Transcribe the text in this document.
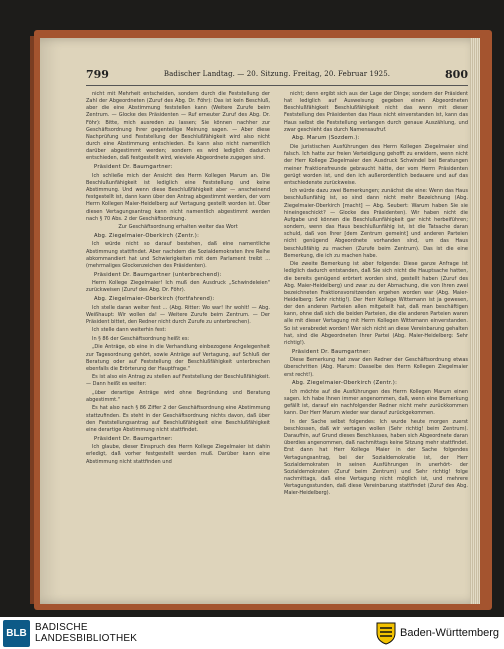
799	Badischer Landtag. — 20. Sitzung. Freitag, 20. Februar 1925.	800

nicht mit Mehrheit entscheiden, sondern durch die Feststellung der Zahl der Abgeordneten (Zuruf des Abg. Dr. Föhr): Das ist kein Beschluß, aber die eine Abstimmung feststellen kann (Weitere Zurufe beim Zentrum. — Glocke des Präsidenten — Ruf erneuter Zuruf des Abg. Dr. Föhr): Bitte, mich ausreden zu lassen; Sie können nachher zur Geschäftsordnung Ihrer gegenteilige Meinung sagen. — Aber diese Nachprüfung und Feststellung der Beschlußfähigkeit wird also nicht durch eine Abstimmung entschieden. Es kann also nicht namentlich darüber abgestimmt werden; sondern es wird lediglich dadurch entschieden, daß festgestellt wird, wieviele Abgeordnete zugegen sind.

Präsident Dr. Baumgartner:

Ich schließe mich der Ansicht des Herrn Kollegen Marum an. Die Beschlußunfähigkeit ist lediglich eine Feststellung und keine Abstimmung. Und wenn diese Beschlußfähigkeit aber — anscheinend festgestellt ist, dann kann über den Antrag abgestimmt werden, der vom Herrn Kollegen Maier-Heidelberg auf Vertagung gestellt worden ist. Über diesen Vertagungsantrag kann nicht namentlich abgestimmt werden nach § 70 Abs. 2 der Geschäftsordnung.

Zur Geschäftsordnung erhalten weiter das Wort

Abg. Ziegelmaier-Oberkirch (Zentr.):

Ich würde nicht so darauf bestehen, daß eine namentliche Abstimmung stattfindet. Aber nachdem die Sozialdemokraten ihre Reihe abkommandiert hat und Schwierigkeiten mit dem Parlament treibt ... (mehrmaliges Glockenzeichen des Präsidenten).

Präsident Dr. Baumgartner (unterbrechend):

Herrn Kollege Ziegelmaier! Ich muß den Ausdruck „Schwindeleien" zurückweisen (Zuruf des Abg. Dr. Föhr).

Abg. Ziegelmaier-Oberkirch (fortfahrend):

Ich stelle daran weiter fest ... (Abg. Ritter: Wo war! Ihr wohlt! — Abg. Weißhaupt: Wir wollen da! — Weitere Zurufe beim Zentrum. — Der Präsident bittet, den Redner nicht durch Zurufe zu unterbrechen).

Ich stelle dann weiterhin fest:

In § 86 der Geschäftsordnung heißt es:

„Die Anträge, ob eine in die Verhandlung einbezogene Angelegenheit zur Tagesordnung gehört, sowie Anträge auf Vertagung, auf Schluß der Beratung oder auf Feststellung der Beschlußfähigkeit unterbrechen ebenfalls die Erörterung der Hauptfrage."

Es ist also ein Antrag zu stellen auf Feststellung der Beschlußfähigkeit. — Dann heißt es weiter:

„über derartige Anträge wird ohne Begründung und Beratung abgestimmt."

Es hat also nach § 86 Ziffer 2 der Geschäftsordnung eine Abstimmung stattzufinden. Es steht in der Geschäftsordnung nichts davon, daß über den Feststellungsantrag auf Beschlußfähigkeit eine Beschlußfähigkeit eine derartige Abstimmung nicht stattfindet.

Präsident Dr. Baumgartner:

Ich glaube, dieser Einspruch des Herrn Kollege Ziegelmaier ist dahin erledigt, daß vorher festgestellt werden muß. Darüber kann eine Abstimmung nicht stattfinden und

nicht; denn ergibt sich aus der Lage der Dinge; sondern der Präsident hat lediglich auf Ausweisung gegeben einen Abgeordneten Beschlußfähigkeit Beschlußfähigkeit nicht das wenn mit dieser Feststellung des Präsidenten das Haus nicht einverstanden ist, kann das Haus selbst die Feststellung verlangen durch genaue Auszählung, und zwar geschieht das durch Namensaufruf.

Abg. Marum (Sozdem.):

Die juristischen Ausführungen des Herrn Kollegen Ziegelmaier sind falsch. Ich hatte zur freien Verteidigung gehofft zu erwidern, wenn nicht der Herr Kollege Ziegelmaier den Ausdruck Schwindel bei Beratungen meiner Fraktionsfreunde gebraucht hätte, der vom Herrn Präsidenten gerügt worden ist, und den ich außerordentlich bedauere und auf das entschiedenste zurückweise.

Ich würde dazu zwei Bemerkungen; zunächst die eine: Wenn das Haus beschlußunfähig ist, so sind dann nicht mehr Bezeichnung (Abg. Ziegelmaier-Oberkirch [macht] — Abg. Seubert: Warum haben Sie sie hineingeschickt? — Glocke des Präsidenten). Wir haben nicht die Aufgabe und können die Beschlußunfähigkeit gar nicht herbeiführen; sondern, wenn das Haus beschlußunfähig ist, ist die Tatsache daran schuld, daß von Ihrer [dem Zentrum gemeint] und anderen Parteien nicht genügend Abgeordnete vorhanden sind, um das Haus beschlußfähig zu machen (Zurufe beim Zentrum). Das ist die eine Bemerkung, die ich zu machen habe.

Die zweite Bemerkung ist aber folgende: Diese ganze Anfrage ist lediglich dadurch entstanden, daß Sie sich nicht die Hauptsache hatten, die bereits genügend erörtert worden sind, gestellt haben (Zuruf des Abg. Maier-Heidelberg) und zwar zu der Abmachung, die von Ihren zwei bezeichneten Fraktionsvorsitzenden ergehen worden war (Abg. Maier-Heidelberg: Sehr richtig!). Der Herr Kollege Wittemann ist ja gewesen, der den anderen Parteien allen mitgeteilt hat, daß man beschäftigen kann, ohne daß sich die beiden Parteien, die die anderen Parteien waren alle mit dieser Vertagung mit Herrn Kollegen Wittemann einverstanden. So ist verabredet worden! Wer sich nicht an diese Vereinbarung gehalten hat, sind die Abgeordneten Ihrer Partei (Abg. Maier-Heidelberg: Sehr richtig!).

Präsident Dr. Baumgartner:

Diese Bemerkung hat zwar den Redner der Geschäftsordnung etwas überschritten (Abg. Marum: Dasselbe des Herrn Kollegen Ziegelmaier erst recht!).

Abg. Ziegelmaier-Oberkirch (Zentr.):

Ich möchte auf die Ausführungen des Herrn Kollegen Marum einen sagen. Ich habe Ihnen immer angenommen, daß, wenn eine Bemerkung gefällt ist, darauf ein nachfolgender Redner nicht mehr zurückkommen kann. Der Herr Marum wieder war darauf zurückgekommen.

In der Sache selbst folgendes: Ich wurde heute morgen zuerst beschlossen, daß wir vertagen wollen (Sehr richtig! beim Zentrum). Daraufhin, auf Grund dieses Beschlusses, haben sich Abgeordnete daran überdies angenommen, daß nachmittags keine Sitzung mehr stattfindet. Erst dann hat Herr Kollege Maier in der Sache folgendes Vertagungsantrag, bei der Sozialdemokratie ist, der Herr Sozialdemokraten in seinen Ausführungen in unerhört- der Sozialdemokraten (Zuruf beim Zentrum) und Sehr richtig! folge nachmittags, daß eine Vertagung nicht möglich ist, und mehrere Vertagungsstunden, daß diese Vereinbarung stattfindet (Zuruf des Abg. Maier-Heidelberg).

BLB
BADISCHE
LANDESBIBLIOTHEK	Baden-Württemberg
